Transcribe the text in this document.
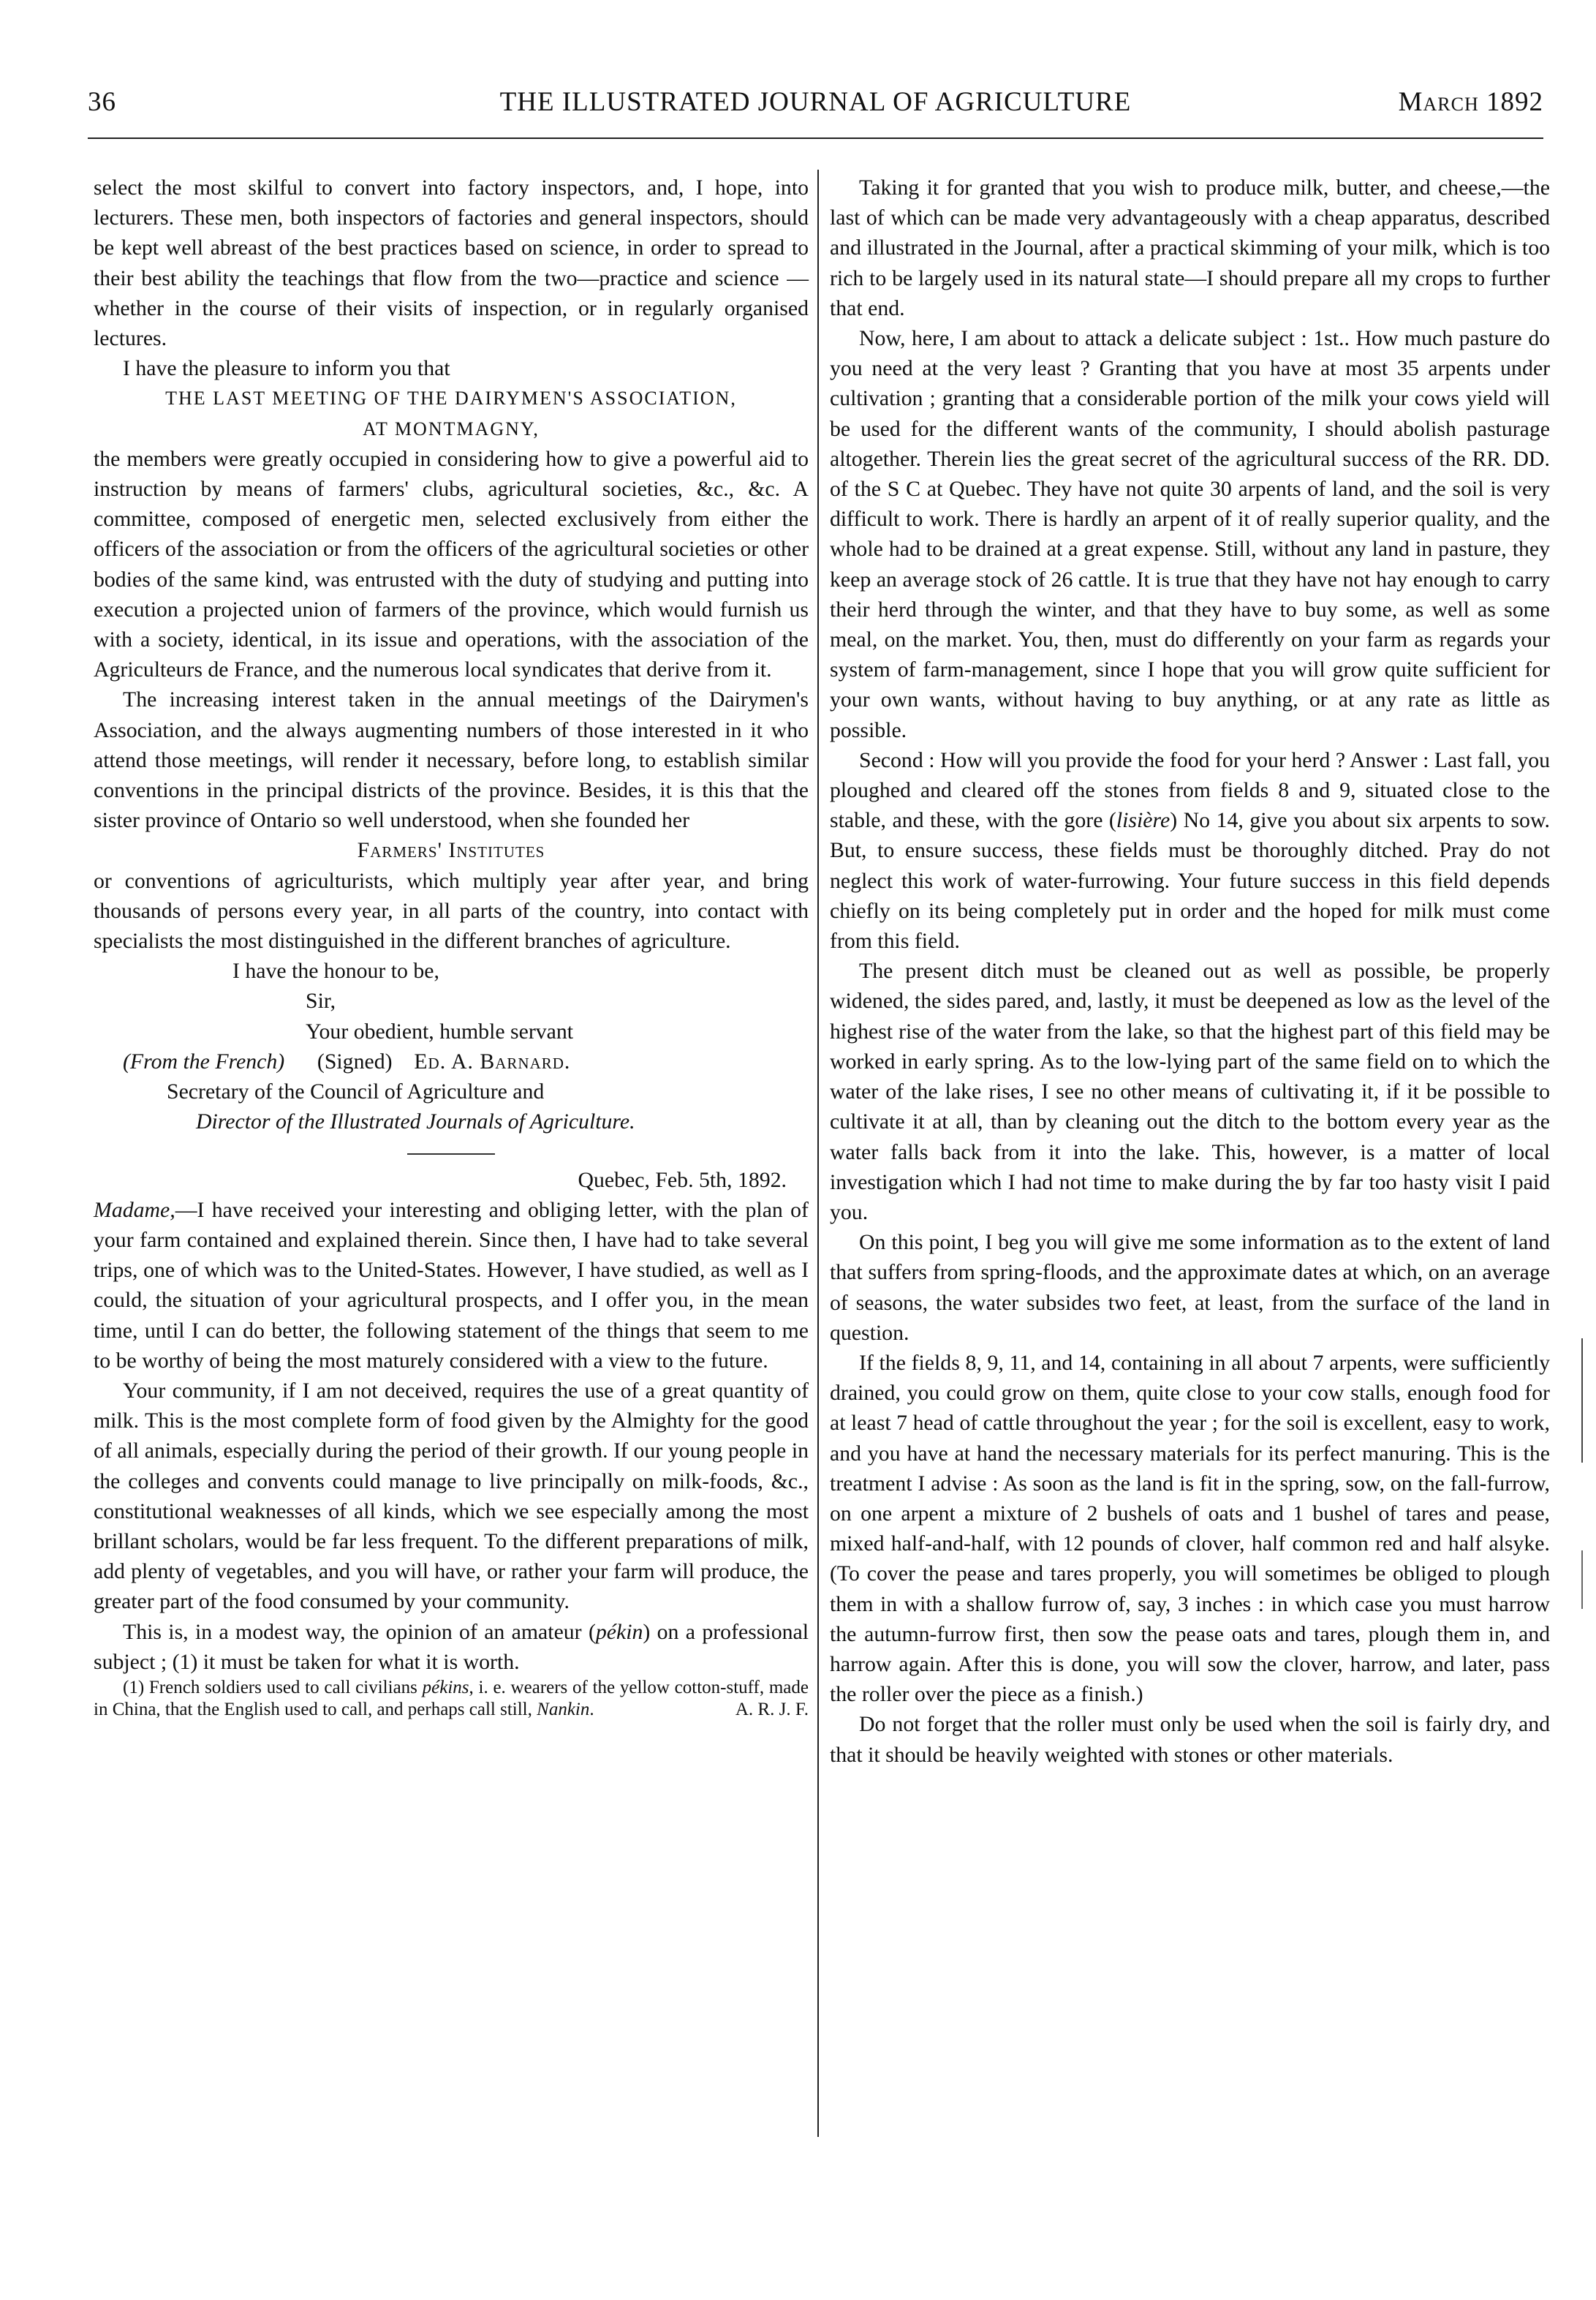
36	THE ILLUSTRATED JOURNAL OF AGRICULTURE	March 1892

select the most skilful to convert into factory inspectors, and, I hope, into lecturers. These men, both inspectors of factories and general inspectors, should be kept well abreast of the best practices based on science, in order to spread to their best ability the teachings that flow from the two—practice and science —whether in the course of their visits of inspection, or in regularly organised lectures.

I have the pleasure to inform you that

THE LAST MEETING OF THE DAIRYMEN'S ASSOCIATION,

AT MONTMAGNY,

the members were greatly occupied in considering how to give a powerful aid to instruction by means of farmers' clubs, agricultural societies, &c., &c. A committee, composed of energetic men, selected exclusively from either the officers of the association or from the officers of the agricultural societies or other bodies of the same kind, was entrusted with the duty of studying and putting into execution a projected union of farmers of the province, which would furnish us with a society, identical, in its issue and operations, with the association of the Agriculteurs de France, and the numerous local syndicates that derive from it.

The increasing interest taken in the annual meetings of the Dairymen's Association, and the always augmenting numbers of those interested in it who attend those meetings, will render it necessary, before long, to establish similar conventions in the principal districts of the province. Besides, it is this that the sister province of Ontario so well understood, when she founded her

Farmers' Institutes

or conventions of agriculturists, which multiply year after year, and bring thousands of persons every year, in all parts of the country, into contact with specialists the most distinguished in the different branches of agriculture.

I have the honour to be,

Sir,

Your obedient, humble servant

(From the French) (Signed) Ed. A. Barnard.

Secretary of the Council of Agriculture and

Director of the Illustrated Journals of Agriculture.

Quebec, Feb. 5th, 1892.

Madame,—I have received your interesting and obliging letter, with the plan of your farm contained and explained therein. Since then, I have had to take several trips, one of which was to the United-States. However, I have studied, as well as I could, the situation of your agricultural prospects, and I offer you, in the mean time, until I can do better, the following statement of the things that seem to me to be worthy of being the most maturely considered with a view to the future.

Your community, if I am not deceived, requires the use of a great quantity of milk. This is the most complete form of food given by the Almighty for the good of all animals, especially during the period of their growth. If our young people in the colleges and convents could manage to live principally on milk-foods, &c., constitutional weaknesses of all kinds, which we see especially among the most brillant scholars, would be far less frequent. To the different preparations of milk, add plenty of vegetables, and you will have, or rather your farm will produce, the greater part of the food consumed by your community.

This is, in a modest way, the opinion of an amateur (pékin) on a professional subject ; (1) it must be taken for what it is worth.

(1) French soldiers used to call civilians pékins, i. e. wearers of the yellow cotton-stuff, made in China, that the English used to call, and perhaps call still, Nankin.	A. R. J. F.

Taking it for granted that you wish to produce milk, butter, and cheese,—the last of which can be made very advantageously with a cheap apparatus, described and illustrated in the Journal, after a practical skimming of your milk, which is too rich to be largely used in its natural state—I should prepare all my crops to further that end.

Now, here, I am about to attack a delicate subject : 1st.. How much pasture do you need at the very least ? Granting that you have at most 35 arpents under cultivation ; granting that a considerable portion of the milk your cows yield will be used for the different wants of the community, I should abolish pasturage altogether. Therein lies the great secret of the agricultural success of the RR. DD. of the S C at Quebec. They have not quite 30 arpents of land, and the soil is very difficult to work. There is hardly an arpent of it of really superior quality, and the whole had to be drained at a great expense. Still, without any land in pasture, they keep an average stock of 26 cattle. It is true that they have not hay enough to carry their herd through the winter, and that they have to buy some, as well as some meal, on the market. You, then, must do differently on your farm as regards your system of farm-management, since I hope that you will grow quite sufficient for your own wants, without having to buy anything, or at any rate as little as possible.

Second : How will you provide the food for your herd ? Answer : Last fall, you ploughed and cleared off the stones from fields 8 and 9, situated close to the stable, and these, with the gore (lisière) No 14, give you about six arpents to sow. But, to ensure success, these fields must be thoroughly ditched. Pray do not neglect this work of water-furrowing. Your future success in this field depends chiefly on its being completely put in order and the hoped for milk must come from this field.

The present ditch must be cleaned out as well as possible, be properly widened, the sides pared, and, lastly, it must be deepened as low as the level of the highest rise of the water from the lake, so that the highest part of this field may be worked in early spring. As to the low-lying part of the same field on to which the water of the lake rises, I see no other means of cultivating it, if it be possible to cultivate it at all, than by cleaning out the ditch to the bottom every year as the water falls back from it into the lake. This, however, is a matter of local investigation which I had not time to make during the by far too hasty visit I paid you.

On this point, I beg you will give me some information as to the extent of land that suffers from spring-floods, and the approximate dates at which, on an average of seasons, the water subsides two feet, at least, from the surface of the land in question.

If the fields 8, 9, 11, and 14, containing in all about 7 arpents, were sufficiently drained, you could grow on them, quite close to your cow stalls, enough food for at least 7 head of cattle throughout the year ; for the soil is excellent, easy to work, and you have at hand the necessary materials for its perfect manuring. This is the treatment I advise : As soon as the land is fit in the spring, sow, on the fall-furrow, on one arpent a mixture of 2 bushels of oats and 1 bushel of tares and pease, mixed half-and-half, with 12 pounds of clover, half common red and half alsyke. (To cover the pease and tares properly, you will sometimes be obliged to plough them in with a shallow furrow of, say, 3 inches : in which case you must harrow the autumn-furrow first, then sow the pease oats and tares, plough them in, and harrow again. After this is done, you will sow the clover, harrow, and later, pass the roller over the piece as a finish.)

Do not forget that the roller must only be used when the soil is fairly dry, and that it should be heavily weighted with stones or other materials.
